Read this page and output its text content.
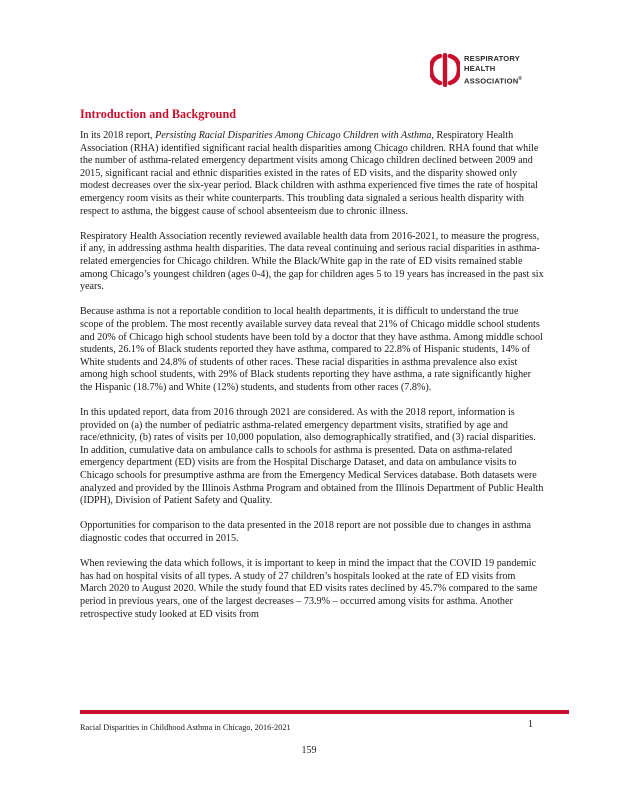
RESPIRATORY
HEALTH
ASSOCIATION®
Introduction and Background

In its 2018 report, Persisting Racial Disparities Among Chicago Children with Asthma, Respiratory Health Association (RHA) identified significant racial health disparities among Chicago children. RHA found that while the number of asthma-related emergency department visits among Chicago children declined between 2009 and 2015, significant racial and ethnic disparities existed in the rates of ED visits, and the disparity showed only modest decreases over the six-year period. Black children with asthma experienced five times the rate of hospital emergency room visits as their white counterparts. This troubling data signaled a serious health disparity with respect to asthma, the biggest cause of school absenteeism due to chronic illness.

Respiratory Health Association recently reviewed available health data from 2016-2021, to measure the progress, if any, in addressing asthma health disparities. The data reveal continuing and serious racial disparities in asthma-related emergencies for Chicago children. While the Black/White gap in the rate of ED visits remained stable among Chicago’s youngest children (ages 0-4), the gap for children ages 5 to 19 years has increased in the past six years.

Because asthma is not a reportable condition to local health departments, it is difficult to understand the true scope of the problem. The most recently available survey data reveal that 21% of Chicago middle school students and 20% of Chicago high school students have been told by a doctor that they have asthma. Among middle school students, 26.1% of Black students reported they have asthma, compared to 22.8% of Hispanic students, 14% of White students and 24.8% of students of other races. These racial disparities in asthma prevalence also exist among high school students, with 29% of Black students reporting they have asthma, a rate significantly higher the Hispanic (18.7%) and White (12%) students, and students from other races (7.8%).

In this updated report, data from 2016 through 2021 are considered. As with the 2018 report, information is provided on (a) the number of pediatric asthma-related emergency department visits, stratified by age and race/ethnicity, (b) rates of visits per 10,000 population, also demographically stratified, and (3) racial disparities. In addition, cumulative data on ambulance calls to schools for asthma is presented. Data on asthma-related emergency department (ED) visits are from the Hospital Discharge Dataset, and data on ambulance visits to Chicago schools for presumptive asthma are from the Emergency Medical Services database. Both datasets were analyzed and provided by the Illinois Asthma Program and obtained from the Illinois Department of Public Health (IDPH), Division of Patient Safety and Quality.

Opportunities for comparison to the data presented in the 2018 report are not possible due to changes in asthma diagnostic codes that occurred in 2015.

When reviewing the data which follows, it is important to keep in mind the impact that the COVID 19 pandemic has had on hospital visits of all types. A study of 27 children’s hospitals looked at the rate of ED visits from March 2020 to August 2020. While the study found that ED visits rates declined by 45.7% compared to the same period in previous years, one of the largest decreases – 73.9% – occurred among visits for asthma. Another retrospective study looked at ED visits from

Racial Disparities in Childhood Asthma in Chicago, 2016-2021	1
159
